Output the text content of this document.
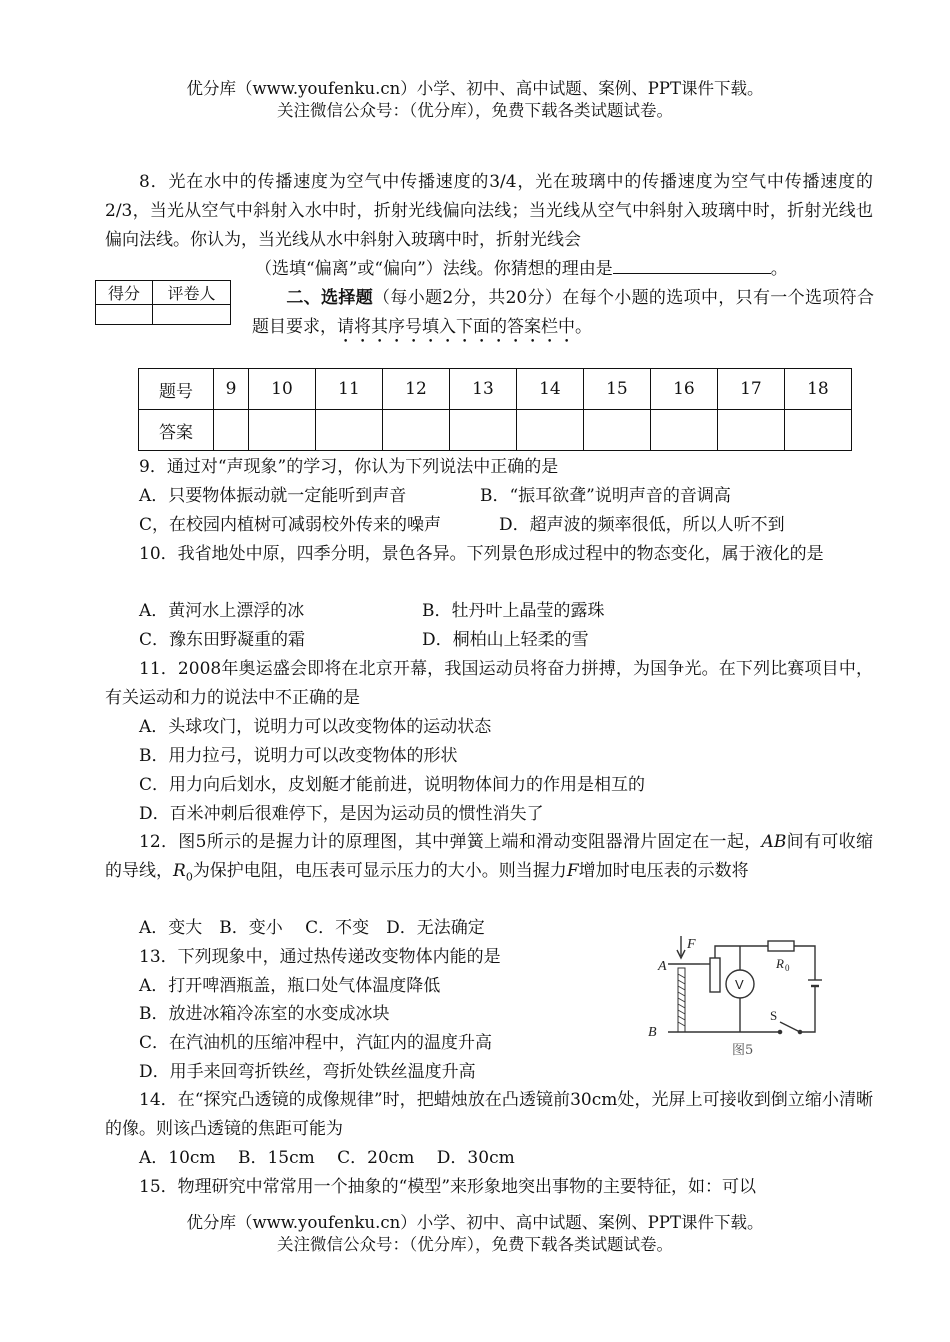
优分库（www.youfenku.cn）小学、初中、高中试题、案例、PPT课件下载。
关注微信公众号：（优分库），免费下载各类试题试卷。
8．光在水中的传播速度为空气中传播速度的3/4，光在玻璃中的传播速度为空气中传播速度的2/3，当光从空气中斜射入水中时，折射光线偏向法线；当光线从空气中斜射入玻璃中时，折射光线也偏向法线。你认为，当光线从水中斜射入玻璃中时，折射光线会
（选填“偏离”或“偏向”）法线。你猜想的理由是	。
得分	评卷人
		二、选择题（每小题2分，共20分）在每个小题的选项中，只有一个选项符合题目要求，请将其序号填入下面的答案栏中。
题号	9	10	11	12	13	14	15	16	17	18
答案										
9．通过对“声现象”的学习，你认为下列说法中正确的是
A．只要物体振动就一定能听到声音	B．“振耳欲聋”说明声音的音调高
C，在校园内植树可减弱校外传来的噪声	D．超声波的频率很低，所以人听不到
10．我省地处中原，四季分明，景色各异。下列景色形成过程中的物态变化，属于液化的是
A．黄河水上漂浮的冰	B．牡丹叶上晶莹的露珠
C．豫东田野凝重的霜	D．桐柏山上轻柔的雪
11．2008年奥运盛会即将在北京开幕，我国运动员将奋力拼搏，为国争光。在下列比赛项目中，有关运动和力的说法中不正确的是
A．头球攻门，说明力可以改变物体的运动状态
B．用力拉弓，说明力可以改变物体的形状
C．用力向后划水，皮划艇才能前进，说明物体间力的作用是相互的
D．百米冲刺后很难停下，是因为运动员的惯性消失了
12．图5所示的是握力计的原理图，其中弹簧上端和滑动变阻器滑片固定在一起，AB间有可收缩的导线，$R_0$为保护电阻，电压表可显示压力的大小。则当握力F增加时电压表的示数将
A．变大　B．变小　 C．不变　D．无法确定
13．下列现象中，通过热传递改变物体内能的是
A．打开啤酒瓶盖，瓶口处气体温度降低
B．放进冰箱冷冻室的水变成冰块
C．在汽油机的压缩冲程中，汽缸内的温度升高
D．用手来回弯折铁丝，弯折处铁丝温度升高
F
A
B
V
R 0
S
图5
14．在“探究凸透镜的成像规律”时，把蜡烛放在凸透镜前30cm处，光屏上可接收到倒立缩小清晰的像。则该凸透镜的焦距可能为
A．10cm　 B．15cm　 C．20cm　 D．30cm
15．物理研究中常常用一个抽象的“模型”来形象地突出事物的主要特征，如：可以
优分库（www.youfenku.cn）小学、初中、高中试题、案例、PPT课件下载。
关注微信公众号：（优分库），免费下载各类试题试卷。
